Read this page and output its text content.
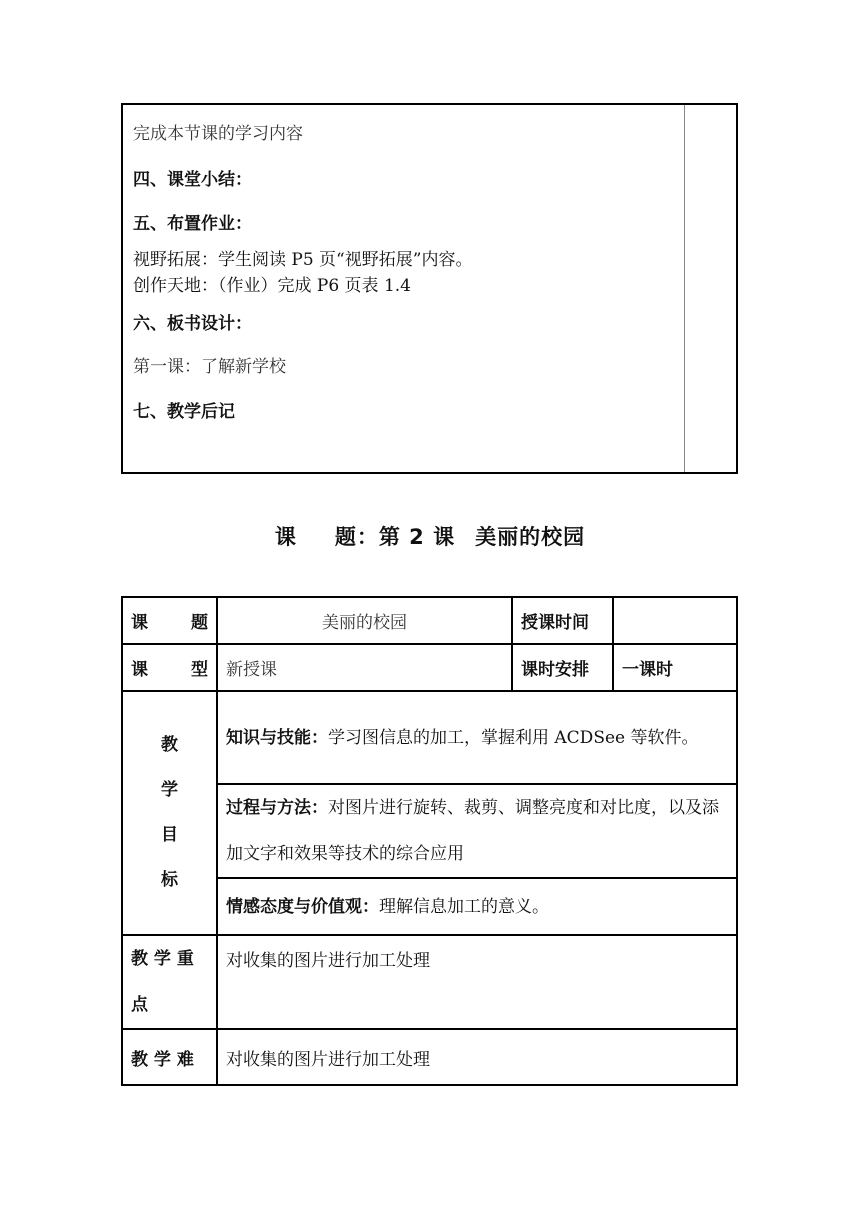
完成本节课的学习内容
四、课堂小结：
五、布置作业：
视野拓展：学生阅读 P5 页“视野拓展”内容。
创作天地：（作业）完成 P6 页表 1.4
六、板书设计：
第一课：了解新学校
七、教学后记
课 题：第 2 课 美丽的校园
课 题	美丽的校园	授课时间	

课 型	新授课	课时安排	一课时

教
学
目
标	知识与技能：学习图信息的加工，掌握利用 ACDSee 等软件。		
	过程与方法：对图片进行旋转、裁剪、调整亮度和对比度，以及添加文字和效果等技术的综合应用		
	情感态度与价值观：理解信息加工的意义。		
教 学 重 点	对收集的图片进行加工处理		
教 学 难	对收集的图片进行加工处理		
